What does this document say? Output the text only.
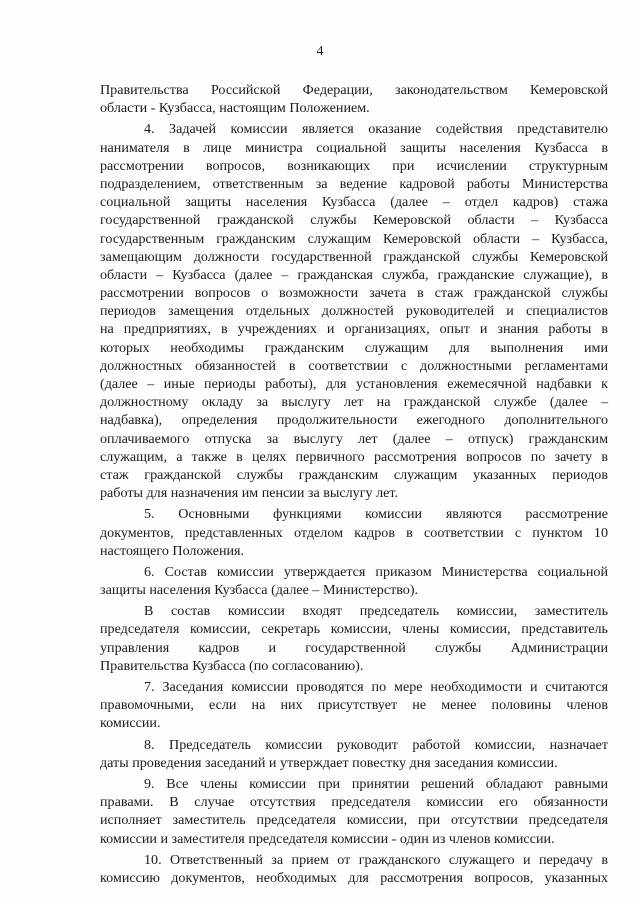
4
Правительства Российской Федерации, законодательством Кемеровской
области - Кузбасса, настоящим Положением.
4. Задачей комиссии является оказание содействия представителю
нанимателя в лице министра социальной защиты населения Кузбасса в
рассмотрении вопросов, возникающих при исчислении структурным
подразделением, ответственным за ведение кадровой работы Министерства
социальной защиты населения Кузбасса (далее – отдел кадров) стажа
государственной гражданской службы Кемеровской области – Кузбасса
государственным гражданским служащим Кемеровской области – Кузбасса,
замещающим должности государственной гражданской службы Кемеровской
области – Кузбасса (далее – гражданская служба, гражданские служащие), в
рассмотрении вопросов о возможности зачета в стаж гражданской службы
периодов замещения отдельных должностей руководителей и специалистов
на предприятиях, в учреждениях и организациях, опыт и знания работы в
которых необходимы гражданским служащим для выполнения ими
должностных обязанностей в соответствии с должностными регламентами
(далее – иные периоды работы), для установления ежемесячной надбавки к
должностному окладу за выслугу лет на гражданской службе (далее –
надбавка), определения продолжительности ежегодного дополнительного
оплачиваемого отпуска за выслугу лет (далее – отпуск) гражданским
служащим, а также в целях первичного рассмотрения вопросов по зачету в
стаж гражданской службы гражданским служащим указанных периодов
работы для назначения им пенсии за выслугу лет.
5. Основными функциями комиссии являются рассмотрение
документов, представленных отделом кадров в соответствии с пунктом 10
настоящего Положения.
6. Состав комиссии утверждается приказом Министерства социальной
защиты населения Кузбасса (далее – Министерство).
В состав комиссии входят председатель комиссии, заместитель
председателя комиссии, секретарь комиссии, члены комиссии, представитель
управления кадров и государственной службы Администрации
Правительства Кузбасса (по согласованию).
7. Заседания комиссии проводятся по мере необходимости и считаются
правомочными, если на них присутствует не менее половины членов
комиссии.
8. Председатель комиссии руководит работой комиссии, назначает
даты проведения заседаний и утверждает повестку дня заседания комиссии.
9. Все члены комиссии при принятии решений обладают равными
правами. В случае отсутствия председателя комиссии его обязанности
исполняет заместитель председателя комиссии, при отсутствии председателя
комиссии и заместителя председателя комиссии - один из членов комиссии.
10. Ответственный за прием от гражданского служащего и передачу в
комиссию документов, необходимых для рассмотрения вопросов, указанных
